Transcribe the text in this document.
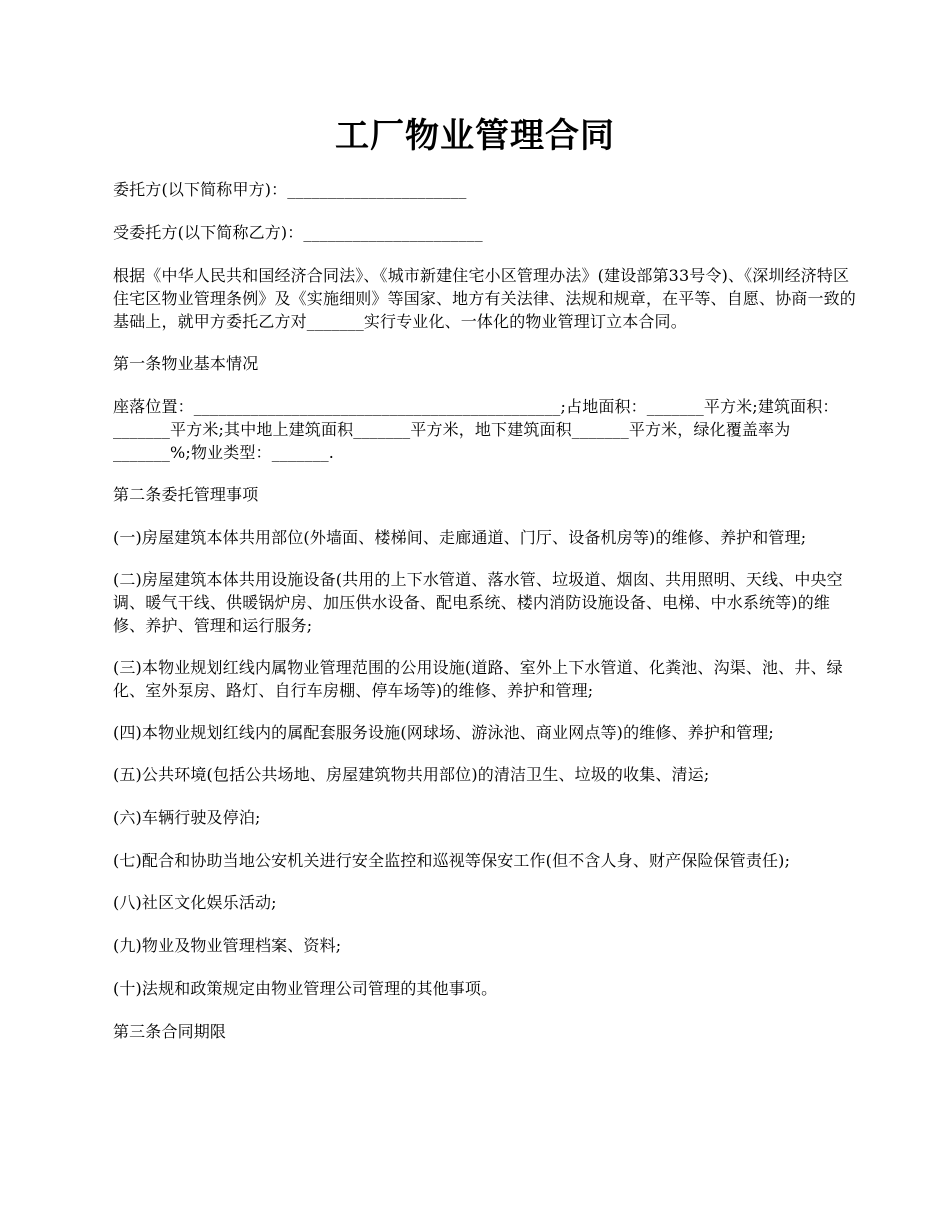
工厂物业管理合同

委托方(以下简称甲方)：______________________

受委托方(以下简称乙方)：______________________

根据《中华人民共和国经济合同法》、《城市新建住宅小区管理办法》(建设部第33号令)、《深圳经济特区住宅区物业管理条例》及《实施细则》等国家、地方有关法律、法规和规章，在平等、自愿、协商一致的基础上，就甲方委托乙方对_______实行专业化、一体化的物业管理订立本合同。

第一条物业基本情况

座落位置：_____________________________________________;占地面积：_______平方米;建筑面积：_______平方米;其中地上建筑面积_______平方米，地下建筑面积_______平方米，绿化覆盖率为_______%;物业类型：_______.

第二条委托管理事项

(一)房屋建筑本体共用部位(外墙面、楼梯间、走廊通道、门厅、设备机房等)的维修、养护和管理;

(二)房屋建筑本体共用设施设备(共用的上下水管道、落水管、垃圾道、烟囱、共用照明、天线、中央空调、暖气干线、供暖锅炉房、加压供水设备、配电系统、楼内消防设施设备、电梯、中水系统等)的维修、养护、管理和运行服务;

(三)本物业规划红线内属物业管理范围的公用设施(道路、室外上下水管道、化粪池、沟渠、池、井、绿化、室外泵房、路灯、自行车房棚、停车场等)的维修、养护和管理;

(四)本物业规划红线内的属配套服务设施(网球场、游泳池、商业网点等)的维修、养护和管理;

(五)公共环境(包括公共场地、房屋建筑物共用部位)的清洁卫生、垃圾的收集、清运;

(六)车辆行驶及停泊;

(七)配合和协助当地公安机关进行安全监控和巡视等保安工作(但不含人身、财产保险保管责任);

(八)社区文化娱乐活动;

(九)物业及物业管理档案、资料;

(十)法规和政策规定由物业管理公司管理的其他事项。

第三条合同期限
